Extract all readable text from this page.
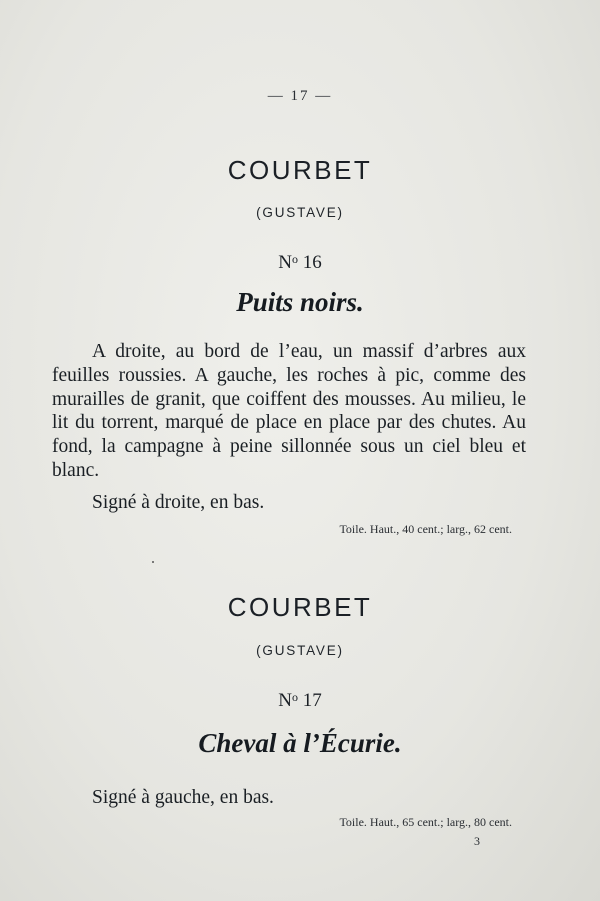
— 17 —
COURBET
(GUSTAVE)
$N^o$ 16
Puits noirs.

A droite, au bord de l’eau, un massif d’arbres aux feuilles roussies. A gauche, les roches à pic, comme des murailles de granit, que coiffent des mousses. Au milieu, le lit du torrent, marqué de place en place par des chutes. Au fond, la campagne à peine sillonnée sous un ciel bleu et blanc.

Signé à droite, en bas.
Toile. Haut., 40 cent.; larg., 62 cent.
COURBET
(GUSTAVE)
$N^o$ 17
Cheval à l’Écurie.
Signé à gauche, en bas.
Toile. Haut., 65 cent.; larg., 80 cent.
3
